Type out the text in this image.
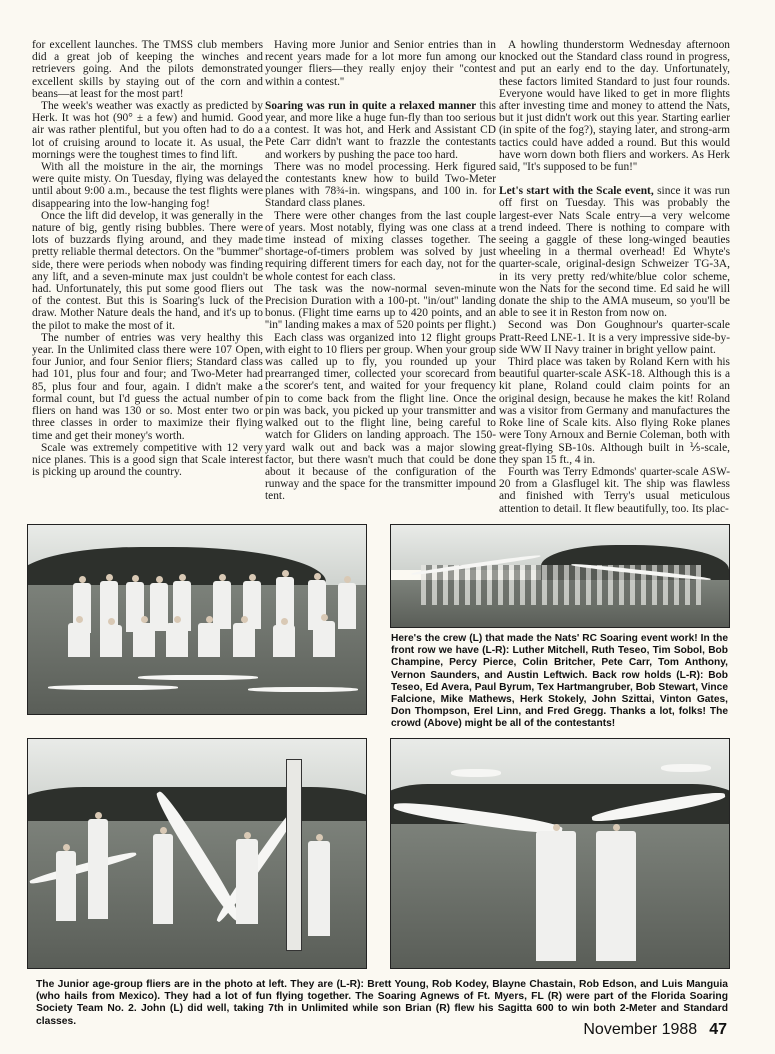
for excellent launches. The TMSS club members did a great job of keeping the winches and retrievers going. And the pilots demonstrated excellent skills by staying out of the corn and beans—at least for the most part!

The week's weather was exactly as predicted by Herk. It was hot (90° ± a few) and humid. Good air was rather plentiful, but you often had to do a lot of cruising around to locate it. As usual, the mornings were the toughest times to find lift.

With all the moisture in the air, the mornings were quite misty. On Tuesday, flying was delayed until about 9:00 a.m., because the test flights were disappearing into the low-hanging fog!

Once the lift did develop, it was generally in the nature of big, gently rising bubbles. There were lots of buzzards flying around, and they made pretty reliable thermal detectors. On the ''bummer'' side, there were periods when nobody was finding any lift, and a seven-minute max just couldn't be had. Unfortunately, this put some good fliers out of the contest. But this is Soaring's luck of the draw. Mother Nature deals the hand, and it's up to the pilot to make the most of it.

The number of entries was very healthy this year. In the Unlimited class there were 107 Open, four Junior, and four Senior fliers; Standard class had 101, plus four and four; and Two-Meter had 85, plus four and four, again. I didn't make a formal count, but I'd guess the actual number of fliers on hand was 130 or so. Most enter two or three classes in order to maximize their flying time and get their money's worth.

Scale was extremely competitive with 12 very nice planes. This is a good sign that Scale interest is picking up around the country.

Having more Junior and Senior entries than in recent years made for a lot more fun among our younger fliers—they really enjoy their ''contest within a contest.''

Soaring was run in quite a relaxed manner this year, and more like a huge fun-fly than too serious a contest. It was hot, and Herk and Assistant CD Pete Carr didn't want to frazzle the contestants and workers by pushing the pace too hard.

There was no model processing. Herk figured the contestants knew how to build Two-Meter planes with 78¾-in. wingspans, and 100 in. for Standard class planes.

There were other changes from the last couple of years. Most notably, flying was one class at a time instead of mixing classes together. The shortage-of-timers problem was solved by just requiring different timers for each day, not for the whole contest for each class.

The task was the now-normal seven-minute Precision Duration with a 100-pt. ''in/out'' landing bonus. (Flight time earns up to 420 points, and an ''in'' landing makes a max of 520 points per flight.)

Each class was organized into 12 flight groups with eight to 10 fliers per group. When your group was called up to fly, you rounded up your prearranged timer, collected your scorecard from the scorer's tent, and waited for your frequency pin to come back from the flight line. Once the pin was back, you picked up your transmitter and walked out to the flight line, being careful to watch for Gliders on landing approach. The 150-yard walk out and back was a major slowing factor, but there wasn't much that could be done about it because of the configuration of the runway and the space for the transmitter impound tent.

A howling thunderstorm Wednesday afternoon knocked out the Standard class round in progress, and put an early end to the day. Unfortunately, these factors limited Standard to just four rounds. Everyone would have liked to get in more flights after investing time and money to attend the Nats, but it just didn't work out this year. Starting earlier (in spite of the fog?), staying later, and strong-arm tactics could have added a round. But this would have worn down both fliers and workers. As Herk said, ''It's supposed to be fun!''

Let's start with the Scale event, since it was run off first on Tuesday. This was probably the largest-ever Nats Scale entry—a very welcome trend indeed. There is nothing to compare with seeing a gaggle of these long-winged beauties wheeling in a thermal overhead! Ed Whyte's quarter-scale, original-design Schweizer TG-3A, in its very pretty red/white/blue color scheme, won the Nats for the second time. Ed said he will donate the ship to the AMA museum, so you'll be able to see it in Reston from now on.

Second was Don Goughnour's quarter-scale Pratt-Reed LNE-1. It is a very impressive side-by-side WW II Navy trainer in bright yellow paint.

Third place was taken by Roland Kern with his beautiful quarter-scale ASK-18. Although this is a kit plane, Roland could claim points for an original design, because he makes the kit! Roland was a visitor from Germany and manufactures the Roke line of Scale kits. Also flying Roke planes were Tony Arnoux and Bernie Coleman, both with great-flying SB-10s. Although built in ⅕-scale, they span 15 ft., 4 in.

Fourth was Terry Edmonds' quarter-scale ASW-20 from a Glasflugel kit. The ship was flawless and finished with Terry's usual meticulous attention to detail. It flew beautifully, too. Its plac-

Here's the crew (L) that made the Nats' RC Soaring event work! In the front row we have (L-R): Luther Mitchell, Ruth Teseo, Tim Sobol, Bob Champine, Percy Pierce, Colin Britcher, Pete Carr, Tom Anthony, Vernon Saunders, and Austin Leftwich. Back row holds (L-R): Bob Teseo, Ed Avera, Paul Byrum, Tex Hartmangruber, Bob Stewart, Vince Falcione, Mike Mathews, Herk Stokely, John Szittai, Vinton Gates, Don Thompson, Erel Linn, and Fred Gregg. Thanks a lot, folks! The crowd (Above) might be all of the contestants!
The Junior age-group fliers are in the photo at left. They are (L-R): Brett Young, Rob Kodey, Blayne Chastain, Rob Edson, and Luis Manguia (who hails from Mexico). They had a lot of fun flying together. The Soaring Agnews of Ft. Myers, FL (R) were part of the Florida Soaring Society Team No. 2. John (L) did well, taking 7th in Unlimited while son Brian (R) flew his Sagitta 600 to win both 2-Meter and Standard classes.	November 1988 47
